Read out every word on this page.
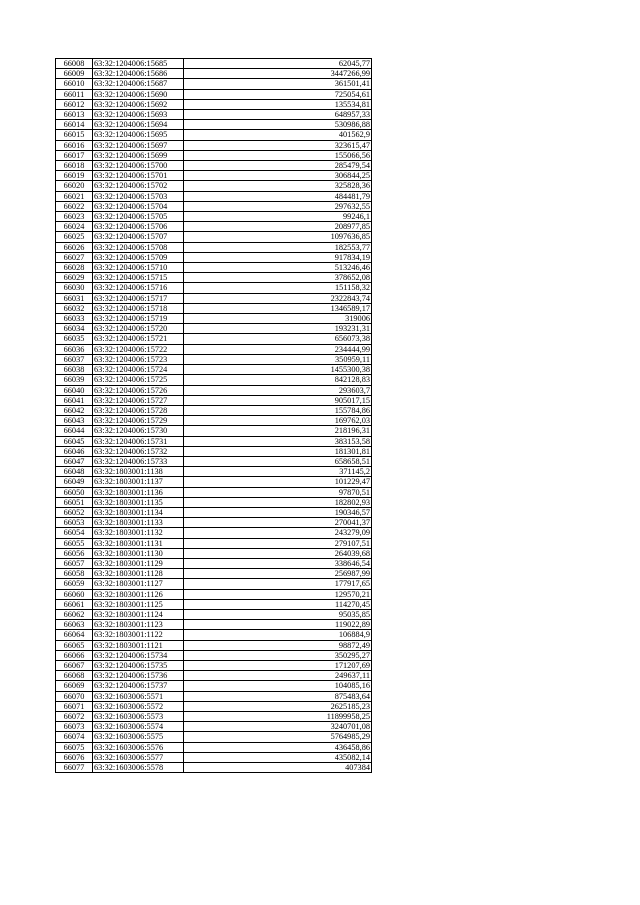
66008	63:32:1204006:15685	62045,77
66009	63:32:1204006:15686	3447266,99
66010	63:32:1204006:15687	361501,41
66011	63:32:1204006:15690	725054,61
66012	63:32:1204006:15692	135534,81
66013	63:32:1204006:15693	648957,33
66014	63:32:1204006:15694	530986,88
66015	63:32:1204006:15695	401562,9
66016	63:32:1204006:15697	323615,47
66017	63:32:1204006:15699	155066,56
66018	63:32:1204006:15700	285479,54
66019	63:32:1204006:15701	306844,25
66020	63:32:1204006:15702	325828,36
66021	63:32:1204006:15703	484481,79
66022	63:32:1204006:15704	297632,55
66023	63:32:1204006:15705	99246,1
66024	63:32:1204006:15706	208977,85
66025	63:32:1204006:15707	1097636,85
66026	63:32:1204006:15708	182553,77
66027	63:32:1204006:15709	917834,19
66028	63:32:1204006:15710	513246,46
66029	63:32:1204006:15715	378652,08
66030	63:32:1204006:15716	151158,32
66031	63:32:1204006:15717	2322843,74
66032	63:32:1204006:15718	1346589,17
66033	63:32:1204006:15719	319006
66034	63:32:1204006:15720	193231,31
66035	63:32:1204006:15721	656073,38
66036	63:32:1204006:15722	234444,99
66037	63:32:1204006:15723	350959,11
66038	63:32:1204006:15724	1455300,38
66039	63:32:1204006:15725	842128,83
66040	63:32:1204006:15726	293603,7
66041	63:32:1204006:15727	905017,15
66042	63:32:1204006:15728	155784,86
66043	63:32:1204006:15729	169762,03
66044	63:32:1204006:15730	218196,31
66045	63:32:1204006:15731	383153,58
66046	63:32:1204006:15732	181301,81
66047	63:32:1204006:15733	658658,51
66048	63:32:1803001:1138	371145,2
66049	63:32:1803001:1137	101229,47
66050	63:32:1803001:1136	97870,51
66051	63:32:1803001:1135	182802,93
66052	63:32:1803001:1134	190346,57
66053	63:32:1803001:1133	270041,37
66054	63:32:1803001:1132	243279,09
66055	63:32:1803001:1131	279107,51
66056	63:32:1803001:1130	264039,68
66057	63:32:1803001:1129	338646,54
66058	63:32:1803001:1128	256987,99
66059	63:32:1803001:1127	177917,65
66060	63:32:1803001:1126	129570,21
66061	63:32:1803001:1125	114270,45
66062	63:32:1803001:1124	95035,85
66063	63:32:1803001:1123	119022,89
66064	63:32:1803001:1122	106884,9
66065	63:32:1803001:1121	98872,49
66066	63:32:1204006:15734	350295,27
66067	63:32:1204006:15735	171207,69
66068	63:32:1204006:15736	249637,11
66069	63:32:1204006:15737	104085,16
66070	63:32:1603006:5571	875483,64
66071	63:32:1603006:5572	2625185,23
66072	63:32:1603006:5573	11899958,25
66073	63:32:1603006:5574	3240701,08
66074	63:32:1603006:5575	5764985,29
66075	63:32:1603006:5576	436458,86
66076	63:32:1603006:5577	435082,14
66077	63:32:1603006:5578	407384
